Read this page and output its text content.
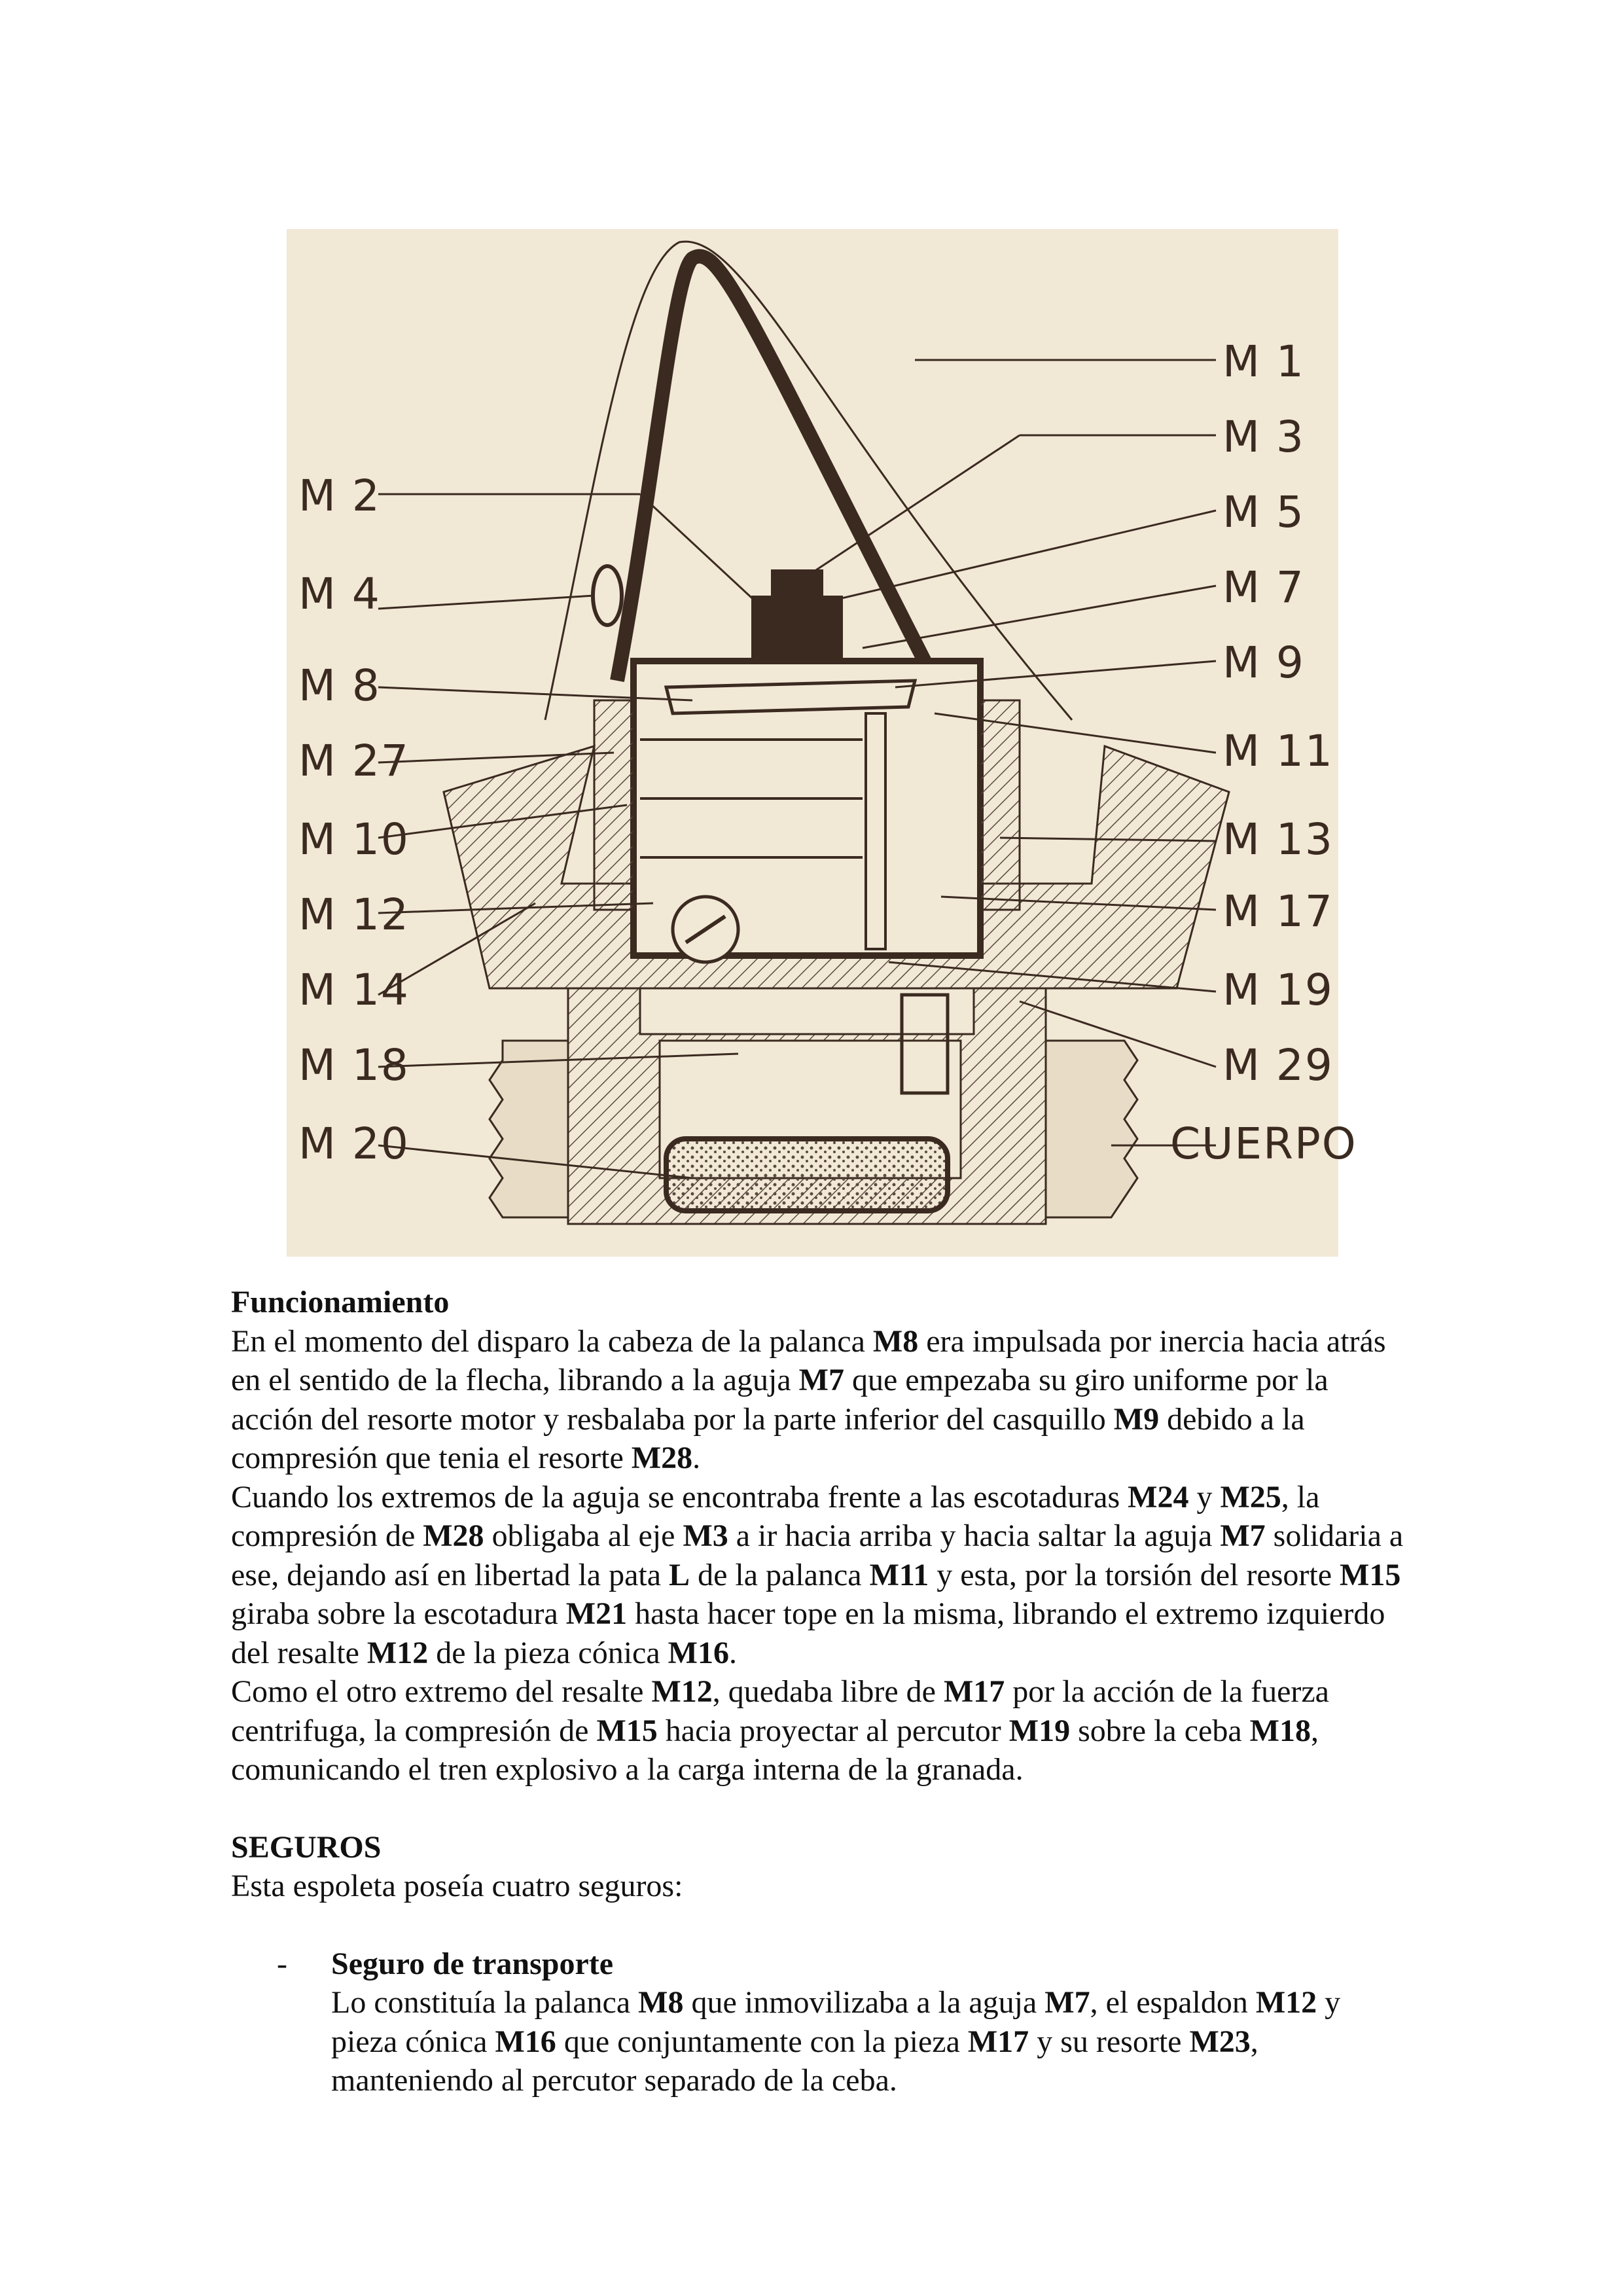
M 2
M 4
M 8
M 27
M 10
M 12
M 14
M 18
M 20
M 1
M 3
M 5
M 7
M 9
M 11
M 13
M 17
M 19
M 29
CUERPO

Funcionamiento

En el momento del disparo la cabeza de la palanca M8 era impulsada por inercia hacia atrás en el sentido de la flecha, librando a la aguja M7 que empezaba su giro uniforme por la acción del resorte motor y resbalaba por la parte inferior del casquillo M9 debido a la compresión que tenia el resorte M28.

Cuando los extremos de la aguja se encontraba frente a las escotaduras M24 y M25, la compresión de M28 obligaba al eje M3 a ir hacia arriba y hacia saltar la aguja M7 solidaria a ese, dejando así en libertad la pata L de la palanca M11 y esta, por la torsión del resorte M15 giraba sobre la escotadura M21 hasta hacer tope en la misma, librando el extremo izquierdo del resalte M12 de la pieza cónica M16.

Como el otro extremo del resalte M12, quedaba libre de M17 por la acción de la fuerza centrifuga, la compresión de M15 hacia proyectar al percutor M19 sobre la ceba M18, comunicando el tren explosivo a la carga interna de la granada.

SEGUROS

Esta espoleta poseía cuatro seguros:

- Seguro de transporte

Lo constituía la palanca M8 que inmovilizaba a la aguja M7, el espaldon M12 y pieza cónica M16 que conjuntamente con la pieza M17 y su resorte M23, manteniendo al percutor separado de la ceba.
